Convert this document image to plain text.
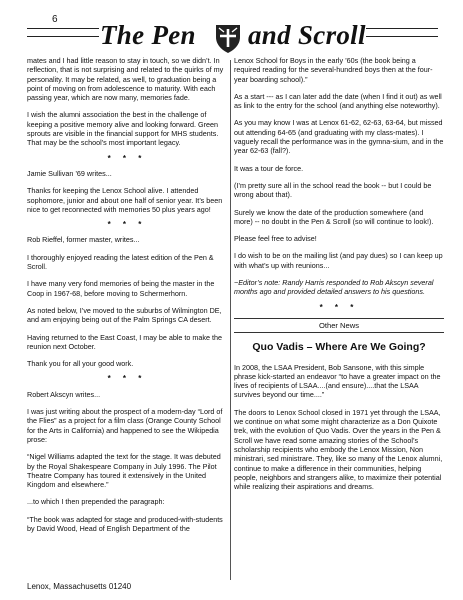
6
The Pen and Scroll

mates and I had little reason to stay in touch, so we didn’t. In reflection, that is not surprising and related to the quirks of my personality. It may be related, as well, to graduation being a point of moving on from adolescence to maturity. With each passing year, which are now many, memories fade.

I wish the alumni association the best in the challenge of keeping a positive memory alive and looking forward. Green sprouts are visible in the financial support for MHS students. That may be the school’s most important legacy.

* * *

Jamie Sullivan ’69 writes...

Thanks for keeping the Lenox School alive. I attended sophomore, junior and about one half of senior year. It’s been nice to get reconnected with memories 50 plus years ago!

* * *

Rob Rieffel, former master, writes...

I thoroughly enjoyed reading the latest edition of the Pen & Scroll.

I have many very fond memories of being the master in the Coop in 1967-68, before moving to Schermerhorn.

As noted below, I’ve moved to the suburbs of Wilmington DE, and am enjoying being out of the Palm Springs CA desert.

Having returned to the East Coast, I may be able to make the reunion next October.

Thank you for all your good work.

* * *

Robert Akscyn writes...

I was just writing about the prospect of a modern-day “Lord of the Flies” as a project for a film class (Orange County School for the Arts in California) and happened to see the Wikipedia prose:

“Nigel Williams adapted the text for the stage. It was debuted by the Royal Shakespeare Company in July 1996. The Pilot Theatre Company has toured it extensively in the United Kingdom and elsewhere.”

...to which I then prepended the paragraph:

“The book was adapted for stage and produced-with-students by David Wood, Head of English Department of the

Lenox School for Boys in the early ’60s (the book being a required reading for the several-hundred boys then at the four-year boarding school).”

As a start --- as I can later add the date (when I find it out) as well as link to the entry for the school (and anything else noteworthy).

As you may know I was at Lenox 61-62, 62-63, 63-64, but missed out attending 64-65 (and graduating with my class-mates). I vaguely recall the performance was in the gymna-sium, and in the year 62-63 (fall?).

It was a tour de force.

(I’m pretty sure all in the school read the book -- but I could be wrong about that).

Surely we know the date of the production somewhere (and more) -- no doubt in the Pen & Scroll (so will continue to look!).

Please feel free to advise!

I do wish to be on the mailing list (and pay dues) so I can keep up with what’s up with reunions...

~Editor’s note: Randy Harris responded to Rob Akscyn several months ago and provided detailed answers to his questions.

* * *
Other News
Quo Vadis – Where Are We Going?

In 2008, the LSAA President, Bob Sansone, with this simple phrase kick-started an endeavor “to have a greater impact on the lives of recipients of LSAA....(and ensure)....that the LSAA survives beyond our time....”

The doors to Lenox School closed in 1971 yet through the LSAA, we continue on what some might characterize as a Don Quixote trek, with the evolution of Quo Vadis. Over the years in the Pen & Scroll we have read some amazing stories of the School’s scholarship recipients who embody the Lenox Mission, Non ministrari, sed ministrare. They, like so many of the Lenox alumni, continue to make a difference in their communities, helping people, neighbors and strangers alike, to maximize their potential while realizing their aspirations and dreams.

Lenox, Massachusetts 01240
